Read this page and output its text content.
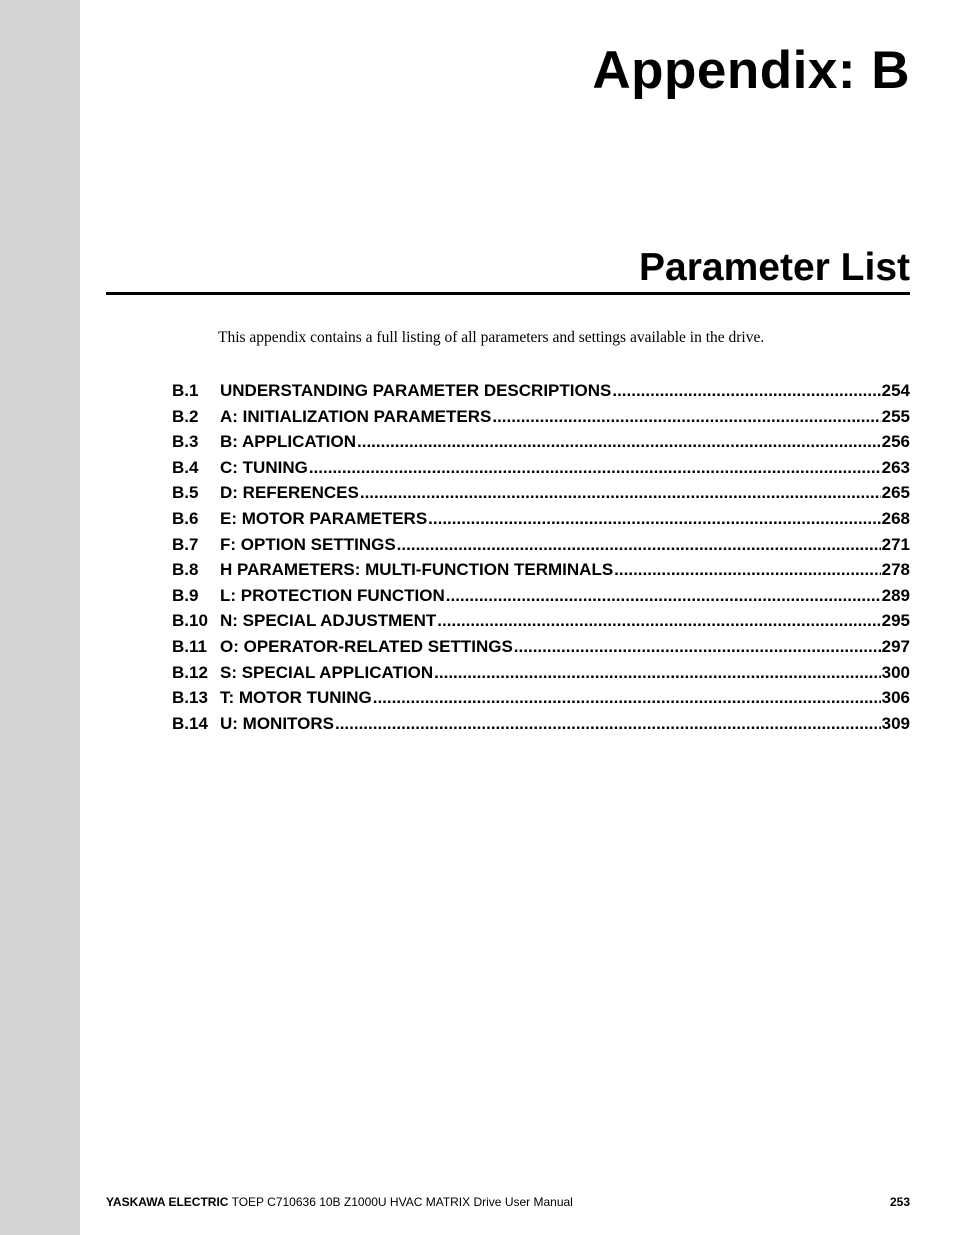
Appendix: B
Parameter List
This appendix contains a full listing of all parameters and settings available in the drive.
B.1	UNDERSTANDING PARAMETER DESCRIPTIONS .....	254
B.2	A: INITIALIZATION PARAMETERS .....	255
B.3	B: APPLICATION .....	256
B.4	C: TUNING .....	263
B.5	D: REFERENCES .....	265
B.6	E: MOTOR PARAMETERS .....	268
B.7	F: OPTION SETTINGS .....	271
B.8	H PARAMETERS: MULTI-FUNCTION TERMINALS .....	278
B.9	L: PROTECTION FUNCTION .....	289
B.10 N: SPECIAL ADJUSTMENT .....	295
B.11 O: OPERATOR-RELATED SETTINGS .....	297
B.12 S: SPECIAL APPLICATION .....	300
B.13 T: MOTOR TUNING .....	306
B.14 U: MONITORS .....	309
YASKAWA ELECTRIC TOEP C710636 10B Z1000U HVAC MATRIX Drive User Manual	253
